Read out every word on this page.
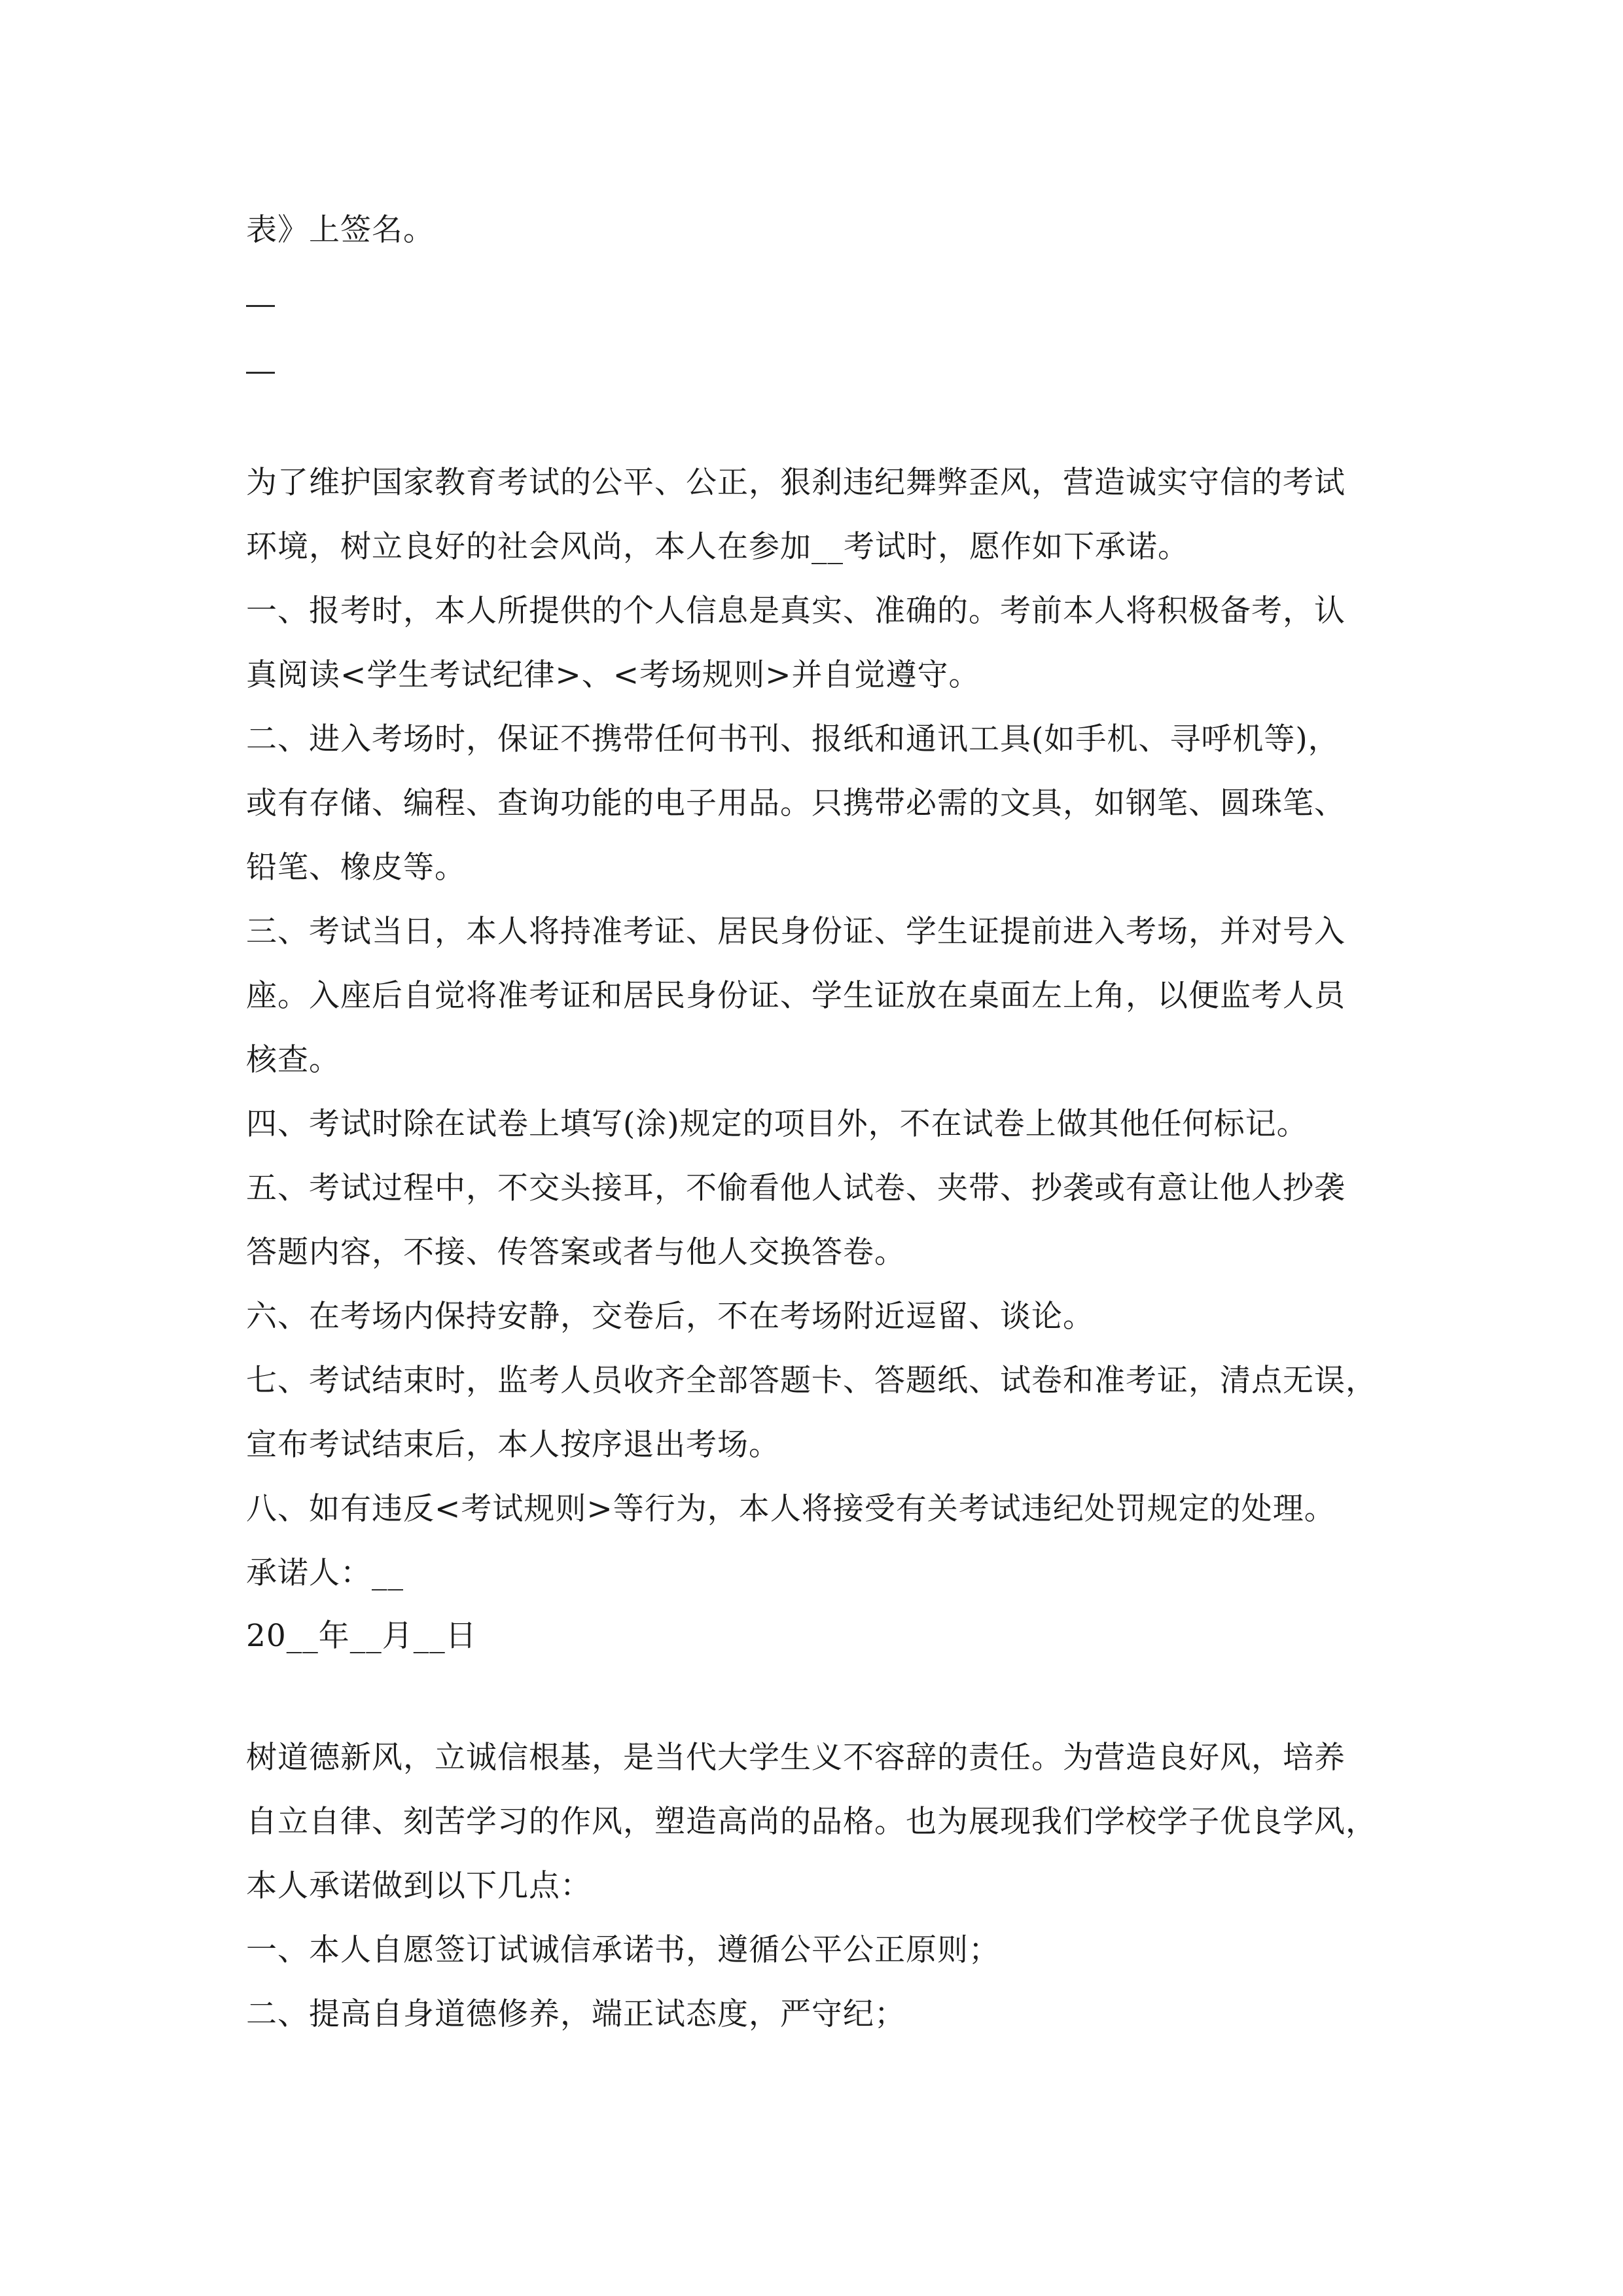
表》上签名。
为了维护国家教育考试的公平、公正，狠刹违纪舞弊歪风，营造诚实守信的考试
环境，树立良好的社会风尚，本人在参加__考试时，愿作如下承诺。
一、报考时，本人所提供的个人信息是真实、准确的。考前本人将积极备考，认
真阅读<学生考试纪律>、<考场规则>并自觉遵守。
二、进入考场时，保证不携带任何书刊、报纸和通讯工具(如手机、寻呼机等)，
或有存储、编程、查询功能的电子用品。只携带必需的文具，如钢笔、圆珠笔、
铅笔、橡皮等。
三、考试当日，本人将持准考证、居民身份证、学生证提前进入考场，并对号入
座。入座后自觉将准考证和居民身份证、学生证放在桌面左上角，以便监考人员
核查。
四、考试时除在试卷上填写(涂)规定的项目外，不在试卷上做其他任何标记。
五、考试过程中，不交头接耳，不偷看他人试卷、夹带、抄袭或有意让他人抄袭
答题内容，不接、传答案或者与他人交换答卷。
六、在考场内保持安静，交卷后，不在考场附近逗留、谈论。
七、考试结束时，监考人员收齐全部答题卡、答题纸、试卷和准考证，清点无误，
宣布考试结束后，本人按序退出考场。
八、如有违反<考试规则>等行为，本人将接受有关考试违纪处罚规定的处理。
承诺人：__
20__年__月__日
树道德新风，立诚信根基，是当代大学生义不容辞的责任。为营造良好风，培养
自立自律、刻苦学习的作风，塑造高尚的品格。也为展现我们学校学子优良学风，
本人承诺做到以下几点：
一、本人自愿签订试诚信承诺书，遵循公平公正原则；
二、提高自身道德修养，端正试态度，严守纪；
